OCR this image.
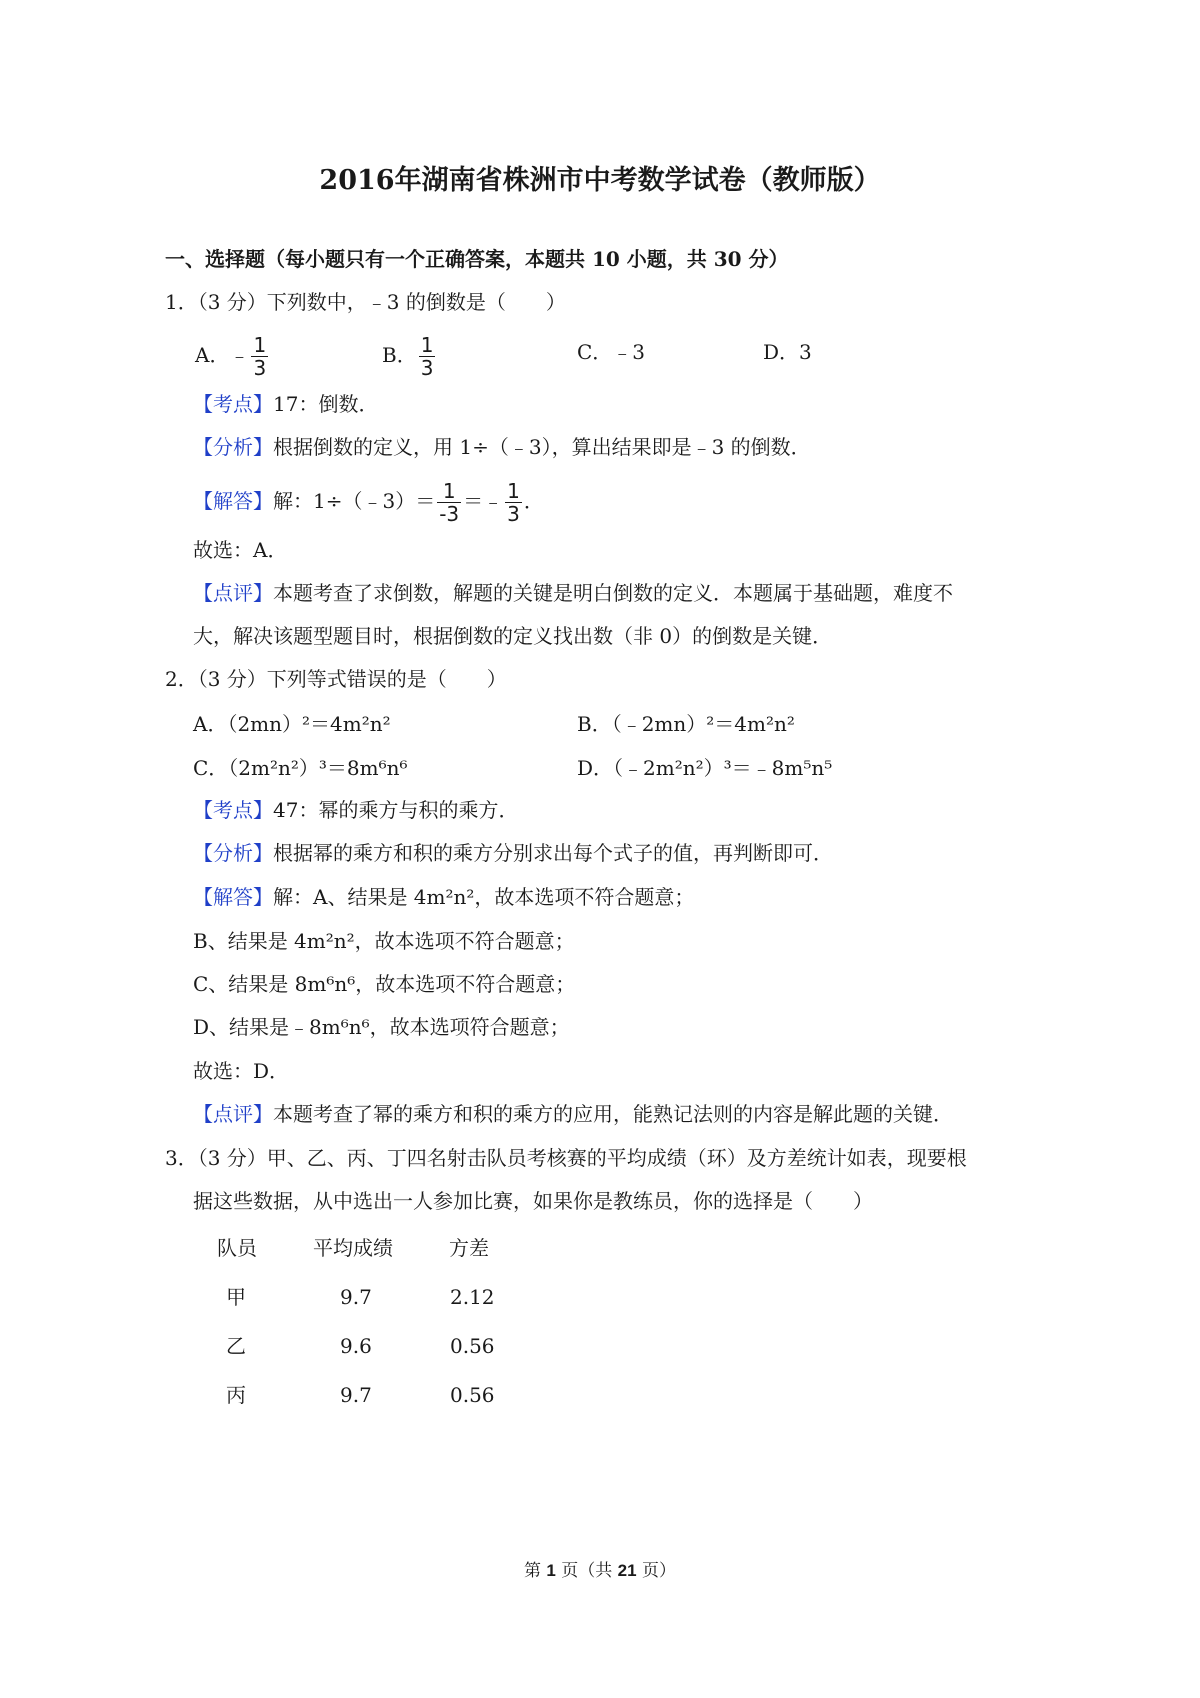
2016年湖南省株洲市中考数学试卷（教师版）
一、选择题（每小题只有一个正确答案，本题共 10 小题，共 30 分）
1．（3 分）下列数中，﹣3 的倒数是（　　）
A．﹣ $\frac{1}{3}$	B． $\frac{1}{3}$	C．﹣3	D．3
【考点】17：倒数．
【分析】根据倒数的定义，用 1÷（﹣3），算出结果即是﹣3 的倒数．
【解答】解：1÷（﹣3）＝ $\frac{1}{-3}$ ＝﹣ $\frac{1}{3}$ ．
故选：A．
【点评】本题考查了求倒数，解题的关键是明白倒数的定义．本题属于基础题，难度不
大，解决该题型题目时，根据倒数的定义找出数（非 0）的倒数是关键．
2．（3 分）下列等式错误的是（　　）
A．（2mn）²＝4m²n²	B．（﹣2mn）²＝4m²n²
C．（2m²n²）³＝8m⁶n⁶	D．（﹣2m²n²）³＝﹣8m⁵n⁵
【考点】47：幂的乘方与积的乘方．
【分析】根据幂的乘方和积的乘方分别求出每个式子的值，再判断即可．
【解答】解：A、结果是 4m²n²，故本选项不符合题意；
B、结果是 4m²n²，故本选项不符合题意；
C、结果是 8m⁶n⁶，故本选项不符合题意；
D、结果是﹣8m⁶n⁶，故本选项符合题意；
故选：D．
【点评】本题考查了幂的乘方和积的乘方的应用，能熟记法则的内容是解此题的关键．
3．（3 分）甲、乙、丙、丁四名射击队员考核赛的平均成绩（环）及方差统计如表，现要根
据这些数据，从中选出一人参加比赛，如果你是教练员，你的选择是（　　）
队员	平均成绩	方差
甲	9.7	2.12
乙	9.6	0.56
丙	9.7	0.56
第 1 页（共 21 页）
